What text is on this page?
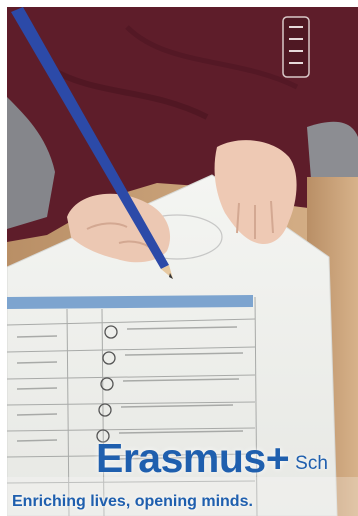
Erasmus+ Sch
Enriching lives, opening minds.
